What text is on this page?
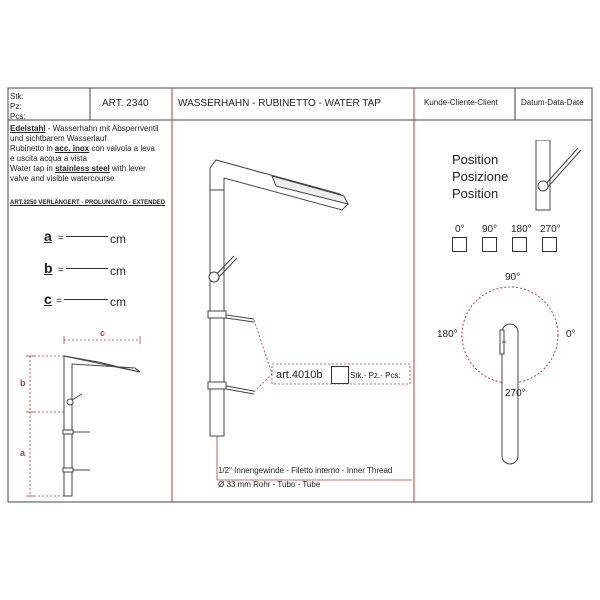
Stk:
Pz:
Pcs:
ART. 2340	WASSERHAHN - RUBINETTO - WATER TAP	Kunde-Cliente-Client	Datum-Data-Date
Edelstahl - Wasserhahn mit Absperrventil
und sichtbarem Wasserlauf
Rubinetto in acc. inox con valvola a leva
e uscita acqua a vista
Water tap in stainless steel with lever
valve and visible watercourse
ART.2250 VERLÄNGERT - PROLUNGATO - EXTENDED
a =	cm
b =	cm
c =	cm
c
b
a
art.4010b	Stk.- Pz.- Pcs:
1/2" Innengewinde - Filetto interno - Inner Thread
Ø 33 mm Rohr - Tubo - Tube
Position
Posizione
Position
0° 90° 180° 270°
90°
180°	0°
270°
